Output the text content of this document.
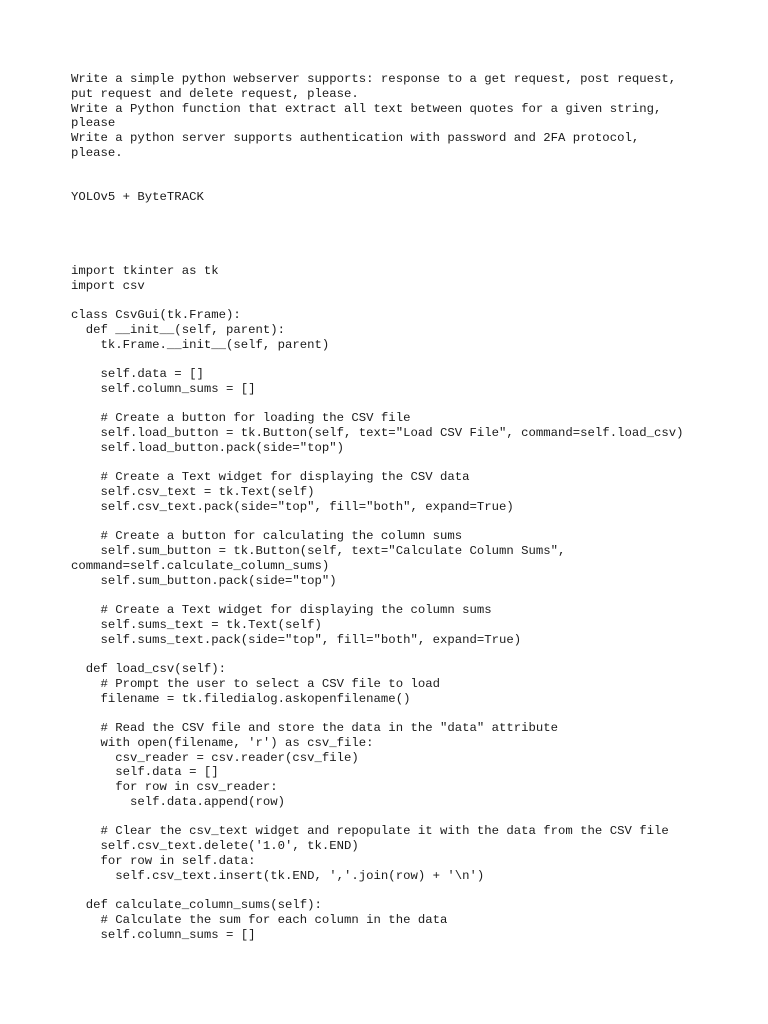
Write a simple python webserver supports: response to a get request, post request,
put request and delete request, please.
Write a Python function that extract all text between quotes for a given string,
please
Write a python server supports authentication with password and 2FA protocol,
please.
YOLOv5 + ByteTRACK
import tkinter as tk
import csv
class CsvGui(tk.Frame):
def __init__(self, parent):
tk.Frame.__init__(self, parent)
self.data = []
self.column_sums = []
# Create a button for loading the CSV file
self.load_button = tk.Button(self, text="Load CSV File", command=self.load_csv)
self.load_button.pack(side="top")
# Create a Text widget for displaying the CSV data
self.csv_text = tk.Text(self)
self.csv_text.pack(side="top", fill="both", expand=True)
# Create a button for calculating the column sums
self.sum_button = tk.Button(self, text="Calculate Column Sums",
command=self.calculate_column_sums)
self.sum_button.pack(side="top")
# Create a Text widget for displaying the column sums
self.sums_text = tk.Text(self)
self.sums_text.pack(side="top", fill="both", expand=True)
def load_csv(self):
# Prompt the user to select a CSV file to load
filename = tk.filedialog.askopenfilename()
# Read the CSV file and store the data in the "data" attribute
with open(filename, 'r') as csv_file:
csv_reader = csv.reader(csv_file)
self.data = []
for row in csv_reader:
self.data.append(row)
# Clear the csv_text widget and repopulate it with the data from the CSV file
self.csv_text.delete('1.0', tk.END)
for row in self.data:
self.csv_text.insert(tk.END, ','.join(row) + '\n')
def calculate_column_sums(self):
# Calculate the sum for each column in the data
self.column_sums = []
